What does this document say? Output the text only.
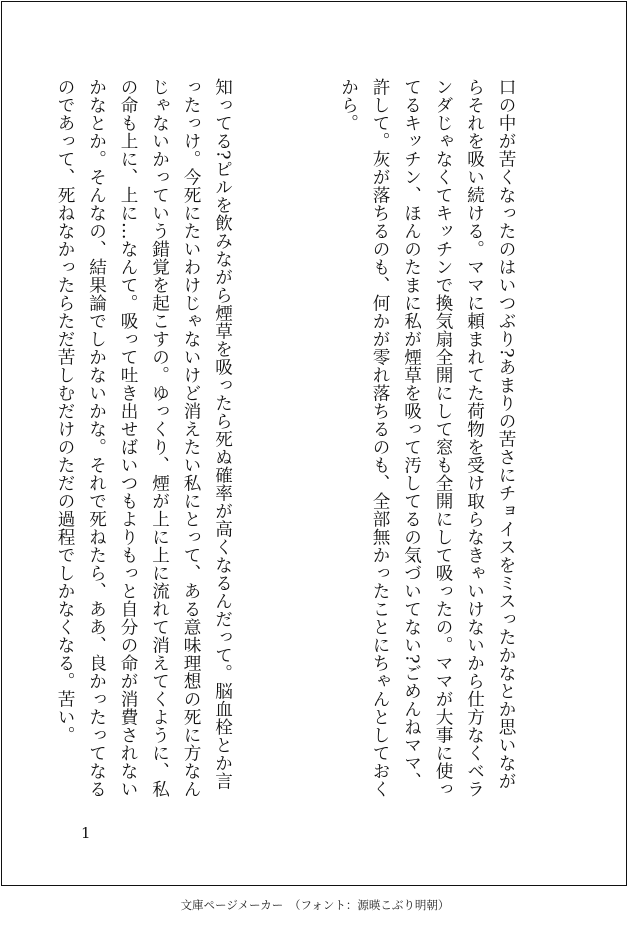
口の中が苦くなったのはいつぶり?あまりの苦さにチョイスをミスったかなとか思いながらそれを吸い続ける。ママに頼まれてた荷物を受け取らなきゃいけないから仕方なくベランダじゃなくてキッチンで換気扇全開にして窓も全開にして吸ったの。ママが大事に使ってるキッチン、ほんのたまに私が煙草を吸って汚してるの気づいてない?ごめんねママ、許して。灰が落ちるのも、何かが零れ落ちるのも、全部無かったことにちゃんとしておくから。

知ってる?ピルを飲みながら煙草を吸ったら死ぬ確率が高くなるんだって。脳血栓とか言ったっけ。今死にたいわけじゃないけど消えたい私にとって、ある意味理想の死に方なんじゃないかっていう錯覚を起こすの。ゆっくり、煙が上に上に流れて消えてくように、私の命も上に、上に…なんて。吸って吐き出せばいつもよりもっと自分の命が消費されないかなとか。そんなの、結果論でしかないかな。それで死ねたら、ああ、良かったってなるのであって、死ねなかったらただ苦しむだけのただの過程でしかなくなる。苦い。

1
文庫ページメーカー　（フォント：源暎こぶり明朝）
